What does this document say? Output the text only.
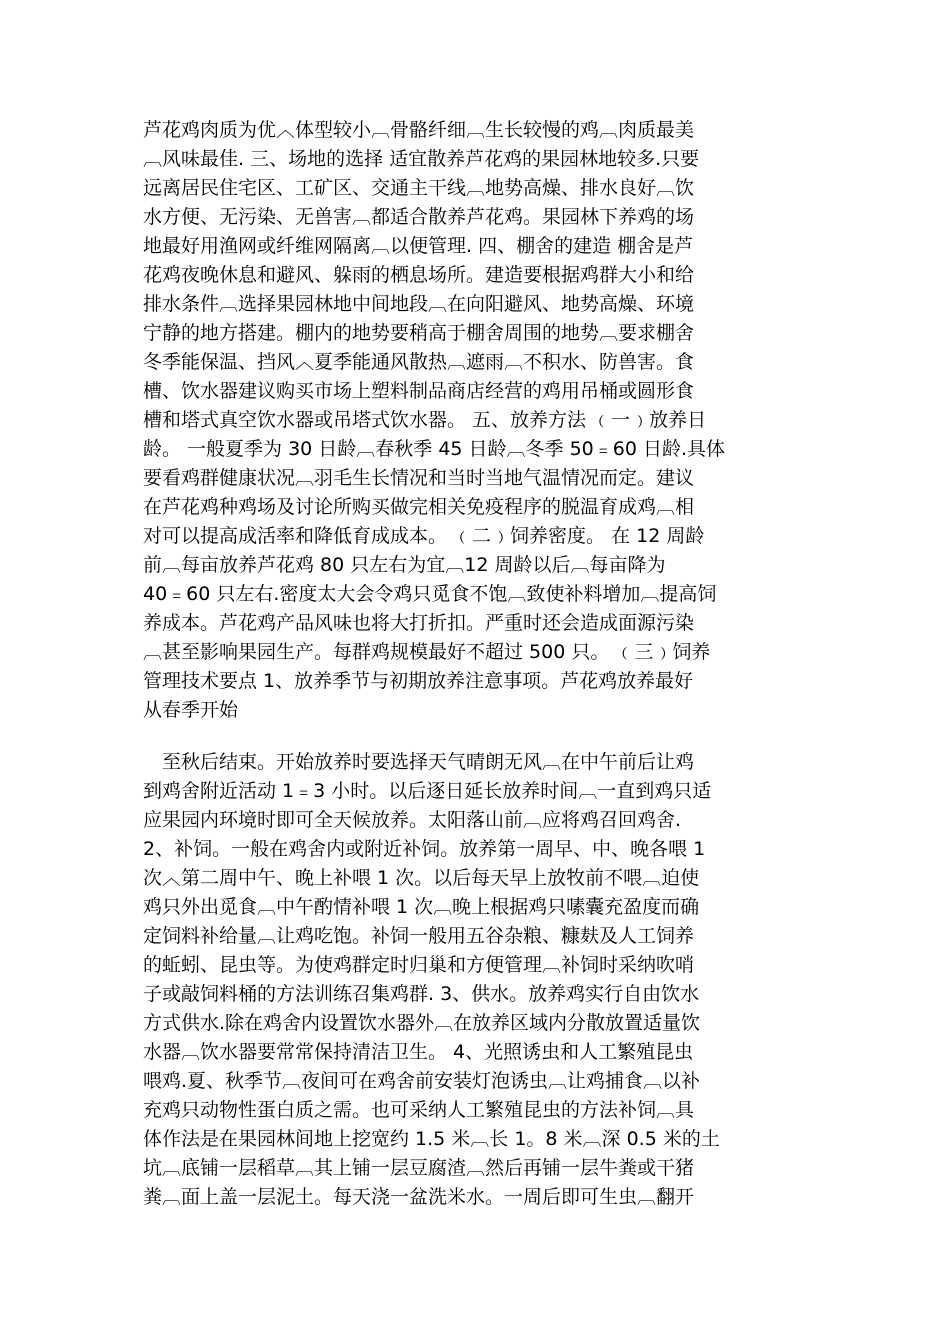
芦花鸡肉质为优︿体型较小︹骨骼纤细︹生长较慢的鸡︹肉质最美
︹风味最佳. 三、场地的选择 适宜散养芦花鸡的果园林地较多.只要
远离居民住宅区、工矿区、交通主干线︹地势高燥、排水良好︹饮
水方便、无污染、无兽害︹都适合散养芦花鸡。果园林下养鸡的场
地最好用渔网或纤维网隔离︹以便管理. 四、棚舍的建造 棚舍是芦
花鸡夜晚休息和避风、躲雨的栖息场所。建造要根据鸡群大小和给
排水条件︹选择果园林地中间地段︹在向阳避风、地势高燥、环境
宁静的地方搭建。棚内的地势要稍高于棚舍周围的地势︹要求棚舍
冬季能保温、挡风︿夏季能通风散热︹遮雨︹不积水、防兽害。食
槽、饮水器建议购买市场上塑料制品商店经营的鸡用吊桶或圆形食
槽和塔式真空饮水器或吊塔式饮水器。 五、放养方法 ﹙一﹚放养日
龄。 一般夏季为 30 日龄︹春秋季 45 日龄︹冬季 50﹦60 日龄.具体
要看鸡群健康状况︹羽毛生长情况和当时当地气温情况而定。建议
在芦花鸡种鸡场及讨论所购买做完相关免疫程序的脱温育成鸡︹相
对可以提高成活率和降低育成成本。 ﹙二﹚饲养密度。 在 12 周龄
前︹每亩放养芦花鸡 80 只左右为宜︹12 周龄以后︹每亩降为
40﹦60 只左右.密度太大会令鸡只觅食不饱︹致使补料增加︹提高饲
养成本。芦花鸡产品风味也将大打折扣。严重时还会造成面源污染
︹甚至影响果园生产。每群鸡规模最好不超过 500 只。 ﹙三﹚饲养
管理技术要点 1、放养季节与初期放养注意事项。芦花鸡放养最好
从春季开始
　至秋后结束。开始放养时要选择天气晴朗无风︹在中午前后让鸡
到鸡舍附近活动 1﹦3 小时。以后逐日延长放养时间︹一直到鸡只适
应果园内环境时即可全天候放养。太阳落山前︹应将鸡召回鸡舍.
2、补饲。一般在鸡舍内或附近补饲。放养第一周早、中、晚各喂 1
次︿第二周中午、晚上补喂 1 次。以后每天早上放牧前不喂︹迫使
鸡只外出觅食︹中午酌情补喂 1 次︹晚上根据鸡只嗉囊充盈度而确
定饲料补给量︹让鸡吃饱。补饲一般用五谷杂粮、糠麸及人工饲养
的蚯蚓、昆虫等。为使鸡群定时归巢和方便管理︹补饲时采纳吹哨
子或敲饲料桶的方法训练召集鸡群. 3、供水。放养鸡实行自由饮水
方式供水.除在鸡舍内设置饮水器外︹在放养区域内分散放置适量饮
水器︹饮水器要常常保持清洁卫生。 4、光照诱虫和人工繁殖昆虫
喂鸡.夏、秋季节︹夜间可在鸡舍前安装灯泡诱虫︹让鸡捕食︹以补
充鸡只动物性蛋白质之需。也可采纳人工繁殖昆虫的方法补饲︹具
体作法是在果园林间地上挖宽约 1.5 米︹长 1。8 米︹深 0.5 米的土
坑︹底铺一层稻草︹其上铺一层豆腐渣︹然后再铺一层牛粪或干猪
粪︹面上盖一层泥土。每天浇一盆洗米水。一周后即可生虫︹翻开
